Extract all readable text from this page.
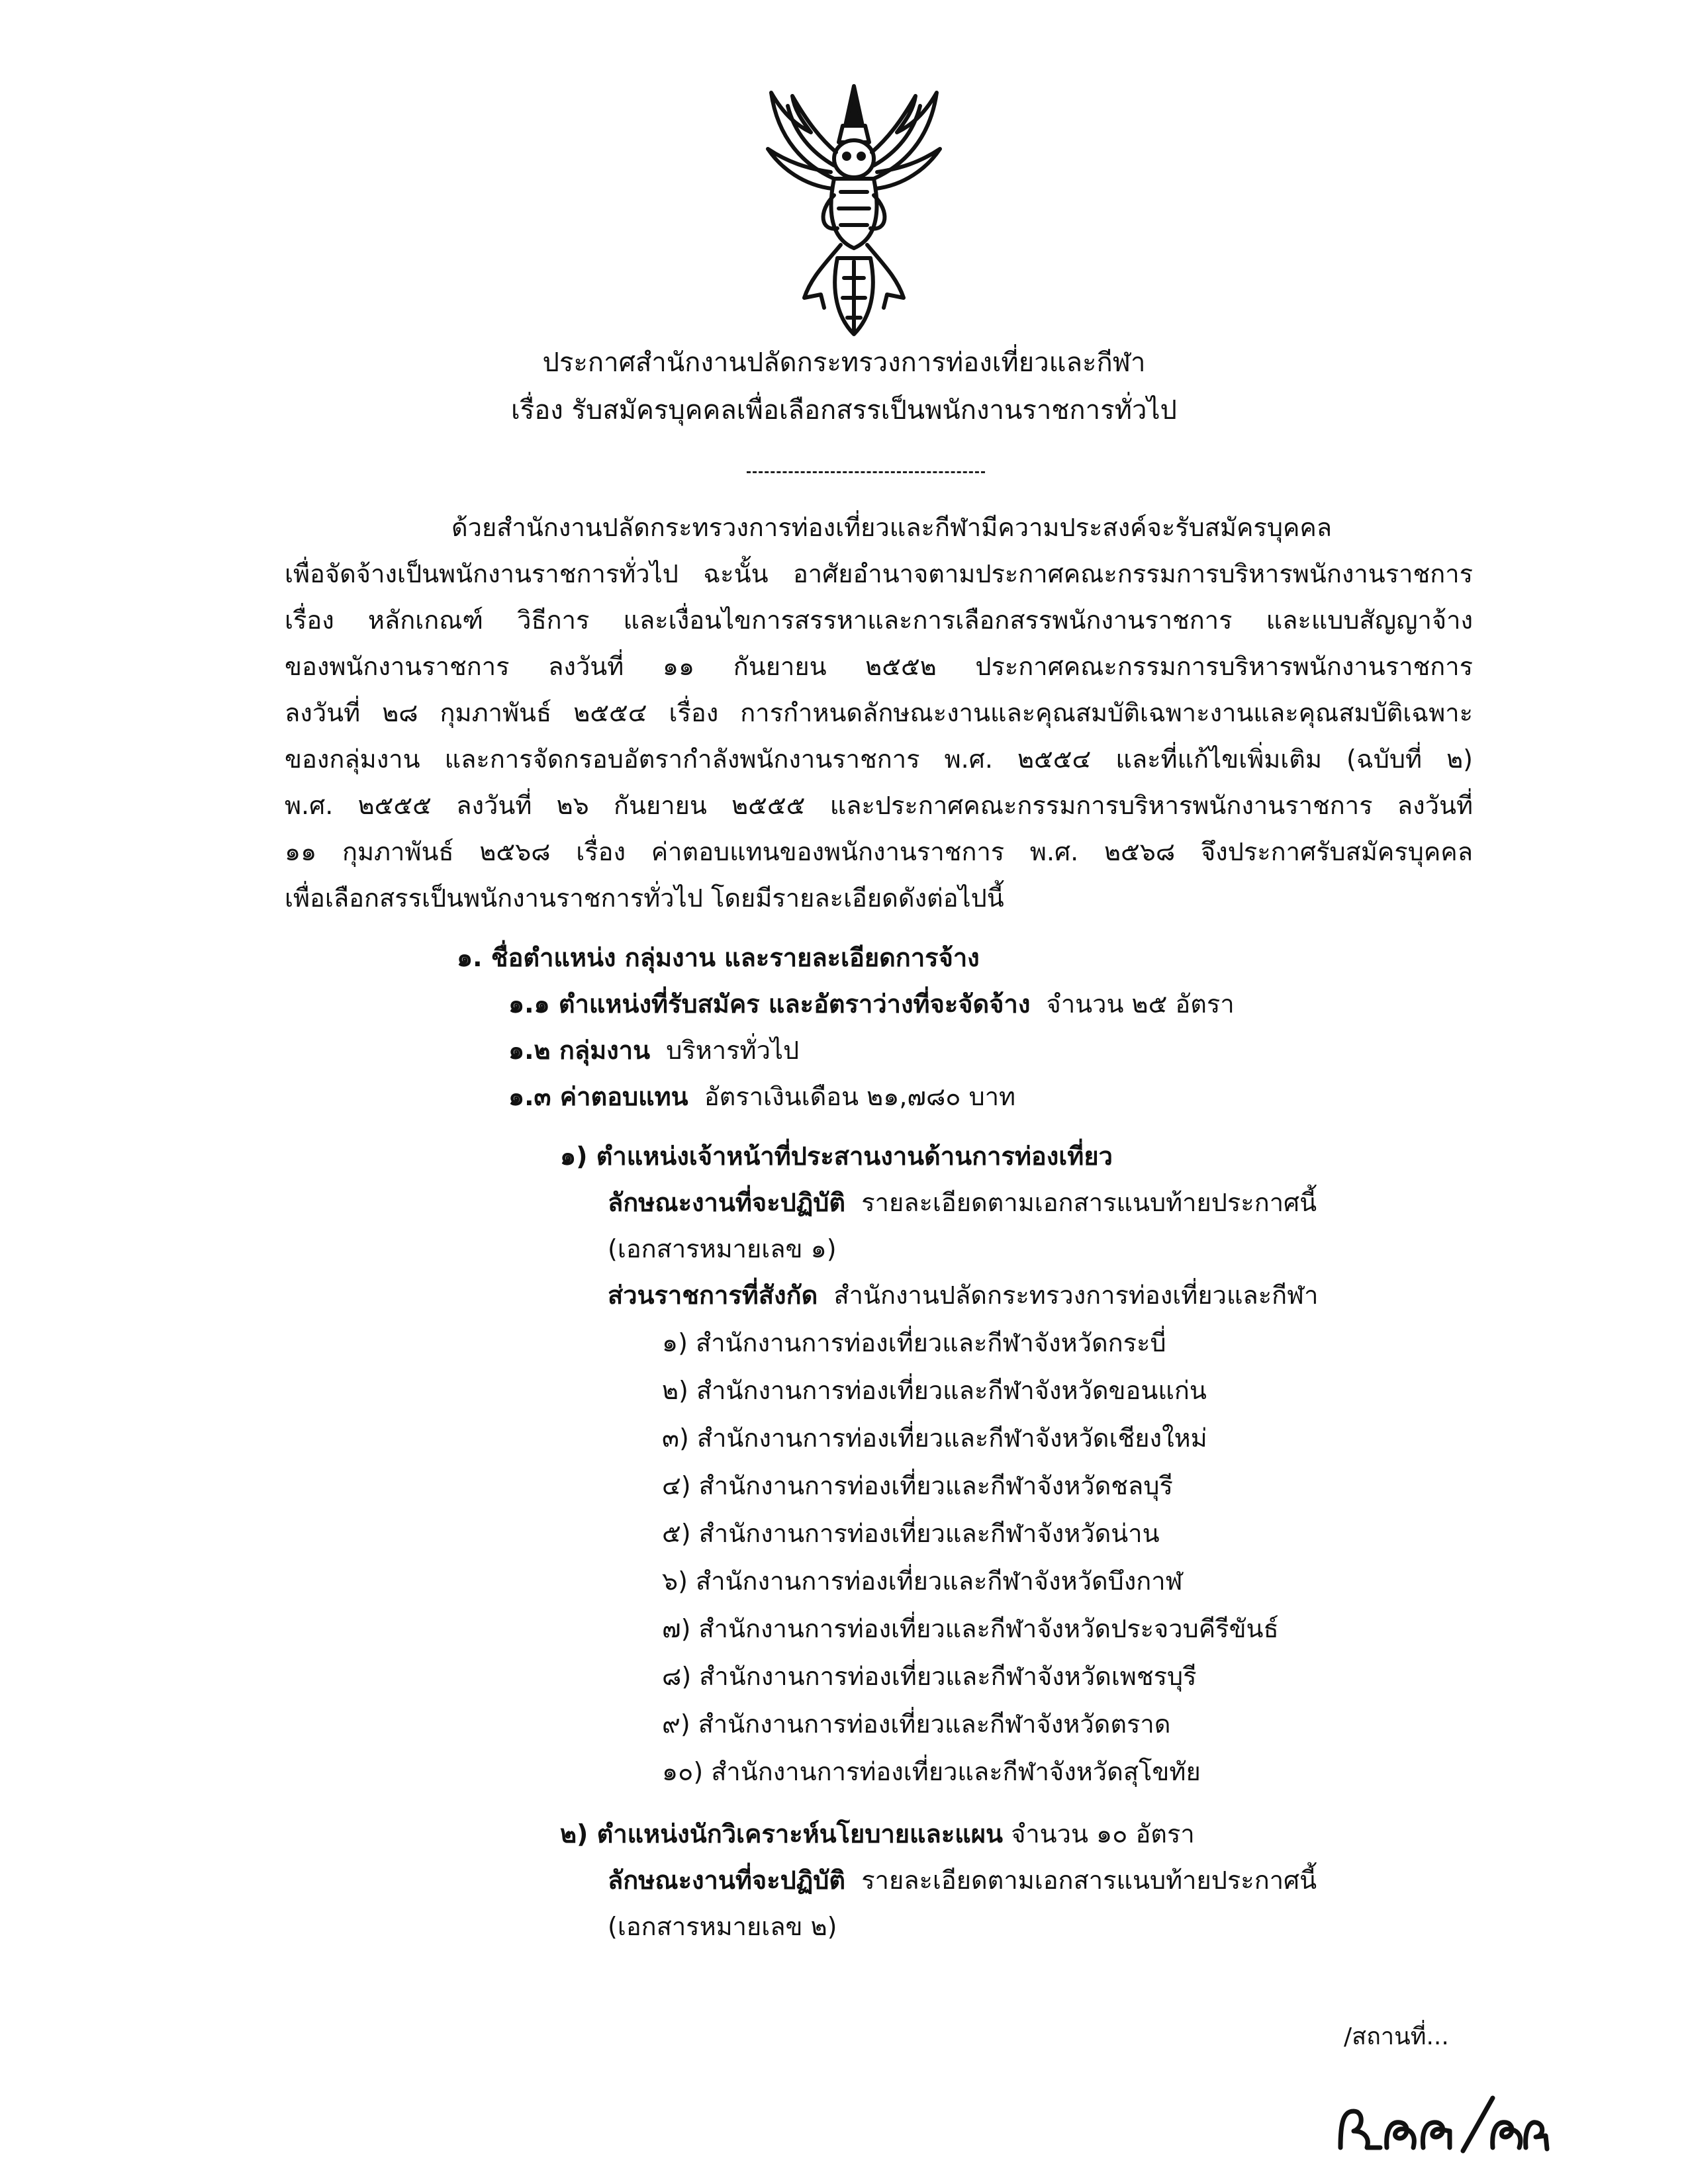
ประกาศสำนักงานปลัดกระทรวงการท่องเที่ยวและกีฬา
เรื่อง รับสมัครบุคคลเพื่อเลือกสรรเป็นพนักงานราชการทั่วไป
ด้วยสำนักงานปลัดกระทรวงการท่องเที่ยวและกีฬามีความประสงค์จะรับสมัครบุคคล
เพื่อจัดจ้างเป็นพนักงานราชการทั่วไป ฉะนั้น อาศัยอำนาจตามประกาศคณะกรรมการบริหารพนักงานราชการ
เรื่อง หลักเกณฑ์ วิธีการ และเงื่อนไขการสรรหาและการเลือกสรรพนักงานราชการ และแบบสัญญาจ้าง
ของพนักงานราชการ ลงวันที่ ๑๑ กันยายน ๒๕๕๒ ประกาศคณะกรรมการบริหารพนักงานราชการ
ลงวันที่ ๒๘ กุมภาพันธ์ ๒๕๕๔ เรื่อง การกำหนดลักษณะงานและคุณสมบัติเฉพาะงานและคุณสมบัติเฉพาะ
ของกลุ่มงาน และการจัดกรอบอัตรากำลังพนักงานราชการ พ.ศ. ๒๕๕๔ และที่แก้ไขเพิ่มเติม (ฉบับที่ ๒)
พ.ศ. ๒๕๕๕ ลงวันที่ ๒๖ กันยายน ๒๕๕๕ และประกาศคณะกรรมการบริหารพนักงานราชการ ลงวันที่
๑๑ กุมภาพันธ์ ๒๕๖๘ เรื่อง ค่าตอบแทนของพนักงานราชการ พ.ศ. ๒๕๖๘ จึงประกาศรับสมัครบุคคล
เพื่อเลือกสรรเป็นพนักงานราชการทั่วไป โดยมีรายละเอียดดังต่อไปนี้
๑. ชื่อตำแหน่ง กลุ่มงาน และรายละเอียดการจ้าง
๑.๑ ตำแหน่งที่รับสมัคร และอัตราว่างที่จะจัดจ้าง จำนวน ๒๕ อัตรา
๑.๒ กลุ่มงาน บริหารทั่วไป
๑.๓ ค่าตอบแทน อัตราเงินเดือน ๒๑,๗๘๐ บาท
๑) ตำแหน่งเจ้าหน้าที่ประสานงานด้านการท่องเที่ยว
ลักษณะงานที่จะปฏิบัติ รายละเอียดตามเอกสารแนบท้ายประกาศนี้
(เอกสารหมายเลข ๑)
ส่วนราชการที่สังกัด สำนักงานปลัดกระทรวงการท่องเที่ยวและกีฬา
๑) สำนักงานการท่องเที่ยวและกีฬาจังหวัดกระบี่
๒) สำนักงานการท่องเที่ยวและกีฬาจังหวัดขอนแก่น
๓) สำนักงานการท่องเที่ยวและกีฬาจังหวัดเชียงใหม่
๔) สำนักงานการท่องเที่ยวและกีฬาจังหวัดชลบุรี
๕) สำนักงานการท่องเที่ยวและกีฬาจังหวัดน่าน
๖) สำนักงานการท่องเที่ยวและกีฬาจังหวัดบึงกาฬ
๗) สำนักงานการท่องเที่ยวและกีฬาจังหวัดประจวบคีรีขันธ์
๘) สำนักงานการท่องเที่ยวและกีฬาจังหวัดเพชรบุรี
๙) สำนักงานการท่องเที่ยวและกีฬาจังหวัดตราด
๑๐) สำนักงานการท่องเที่ยวและกีฬาจังหวัดสุโขทัย
๒) ตำแหน่งนักวิเคราะห์นโยบายและแผน จำนวน ๑๐ อัตรา
ลักษณะงานที่จะปฏิบัติ รายละเอียดตามเอกสารแนบท้ายประกาศนี้
(เอกสารหมายเลข ๒)
/สถานที่...
